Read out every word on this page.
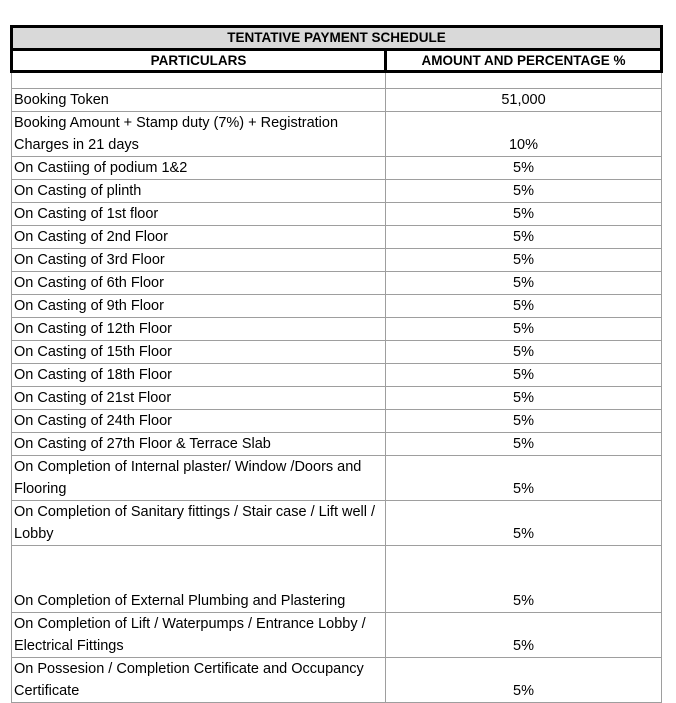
TENTATIVE PAYMENT SCHEDULE	
PARTICULARS	AMOUNT AND PERCENTAGE %

Booking Token	51,000
Booking Amount + Stamp duty (7%) + Registration Charges in 21 days	10%
On Castiing of podium 1&2	5%
On Casting of plinth	5%
On Casting of 1st floor	5%
On Casting of 2nd Floor	5%
On Casting of 3rd Floor	5%
On Casting of 6th Floor	5%
On Casting of 9th Floor	5%
On Casting of 12th Floor	5%
On Casting of 15th Floor	5%
On Casting of 18th Floor	5%
On Casting of 21st Floor	5%
On Casting of 24th Floor	5%
On Casting of 27th Floor & Terrace Slab	5%
On Completion of Internal plaster/ Window /Doors and Flooring	5%
On Completion of Sanitary fittings / Stair case / Lift well / Lobby	5%
On Completion of External Plumbing and Plastering	5%
On Completion of Lift / Waterpumps / Entrance Lobby / Electrical Fittings	5%
On Possesion / Completion Certificate and Occupancy Certificate	5%
